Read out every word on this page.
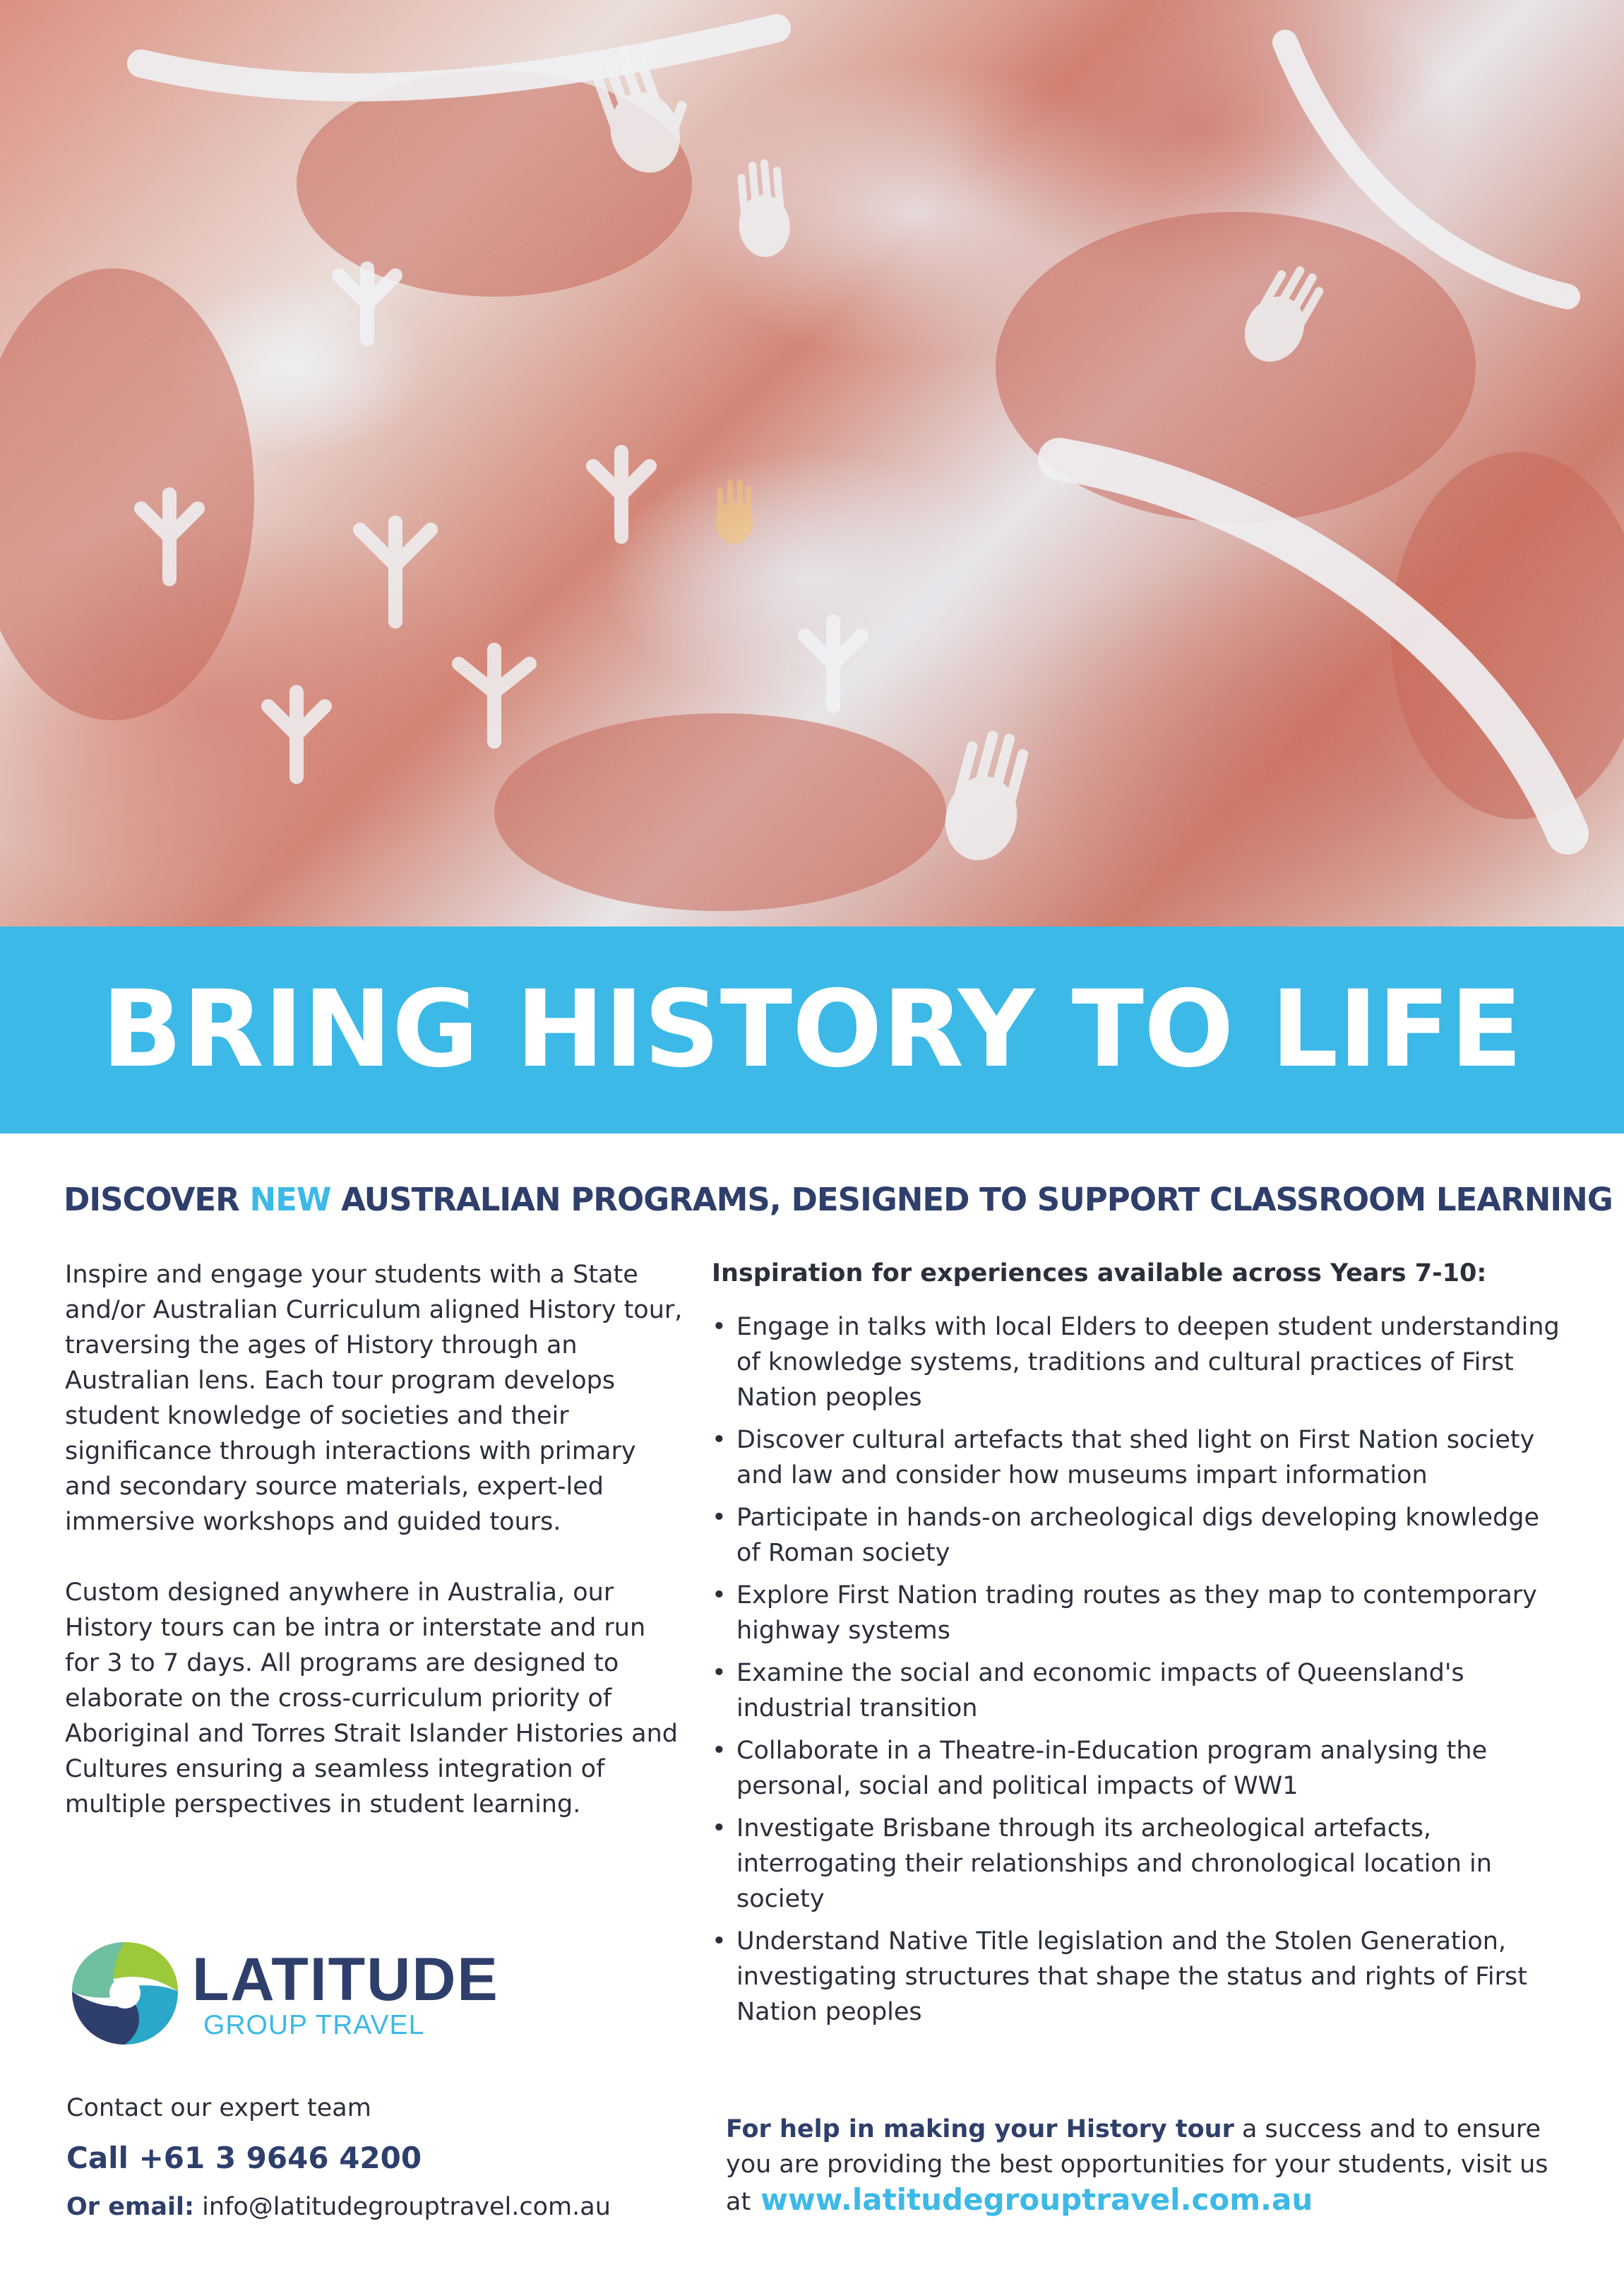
BRING HISTORY TO LIFE
DISCOVER NEW AUSTRALIAN PROGRAMS, DESIGNED TO SUPPORT CLASSROOM LEARNING

Inspire and engage your students with a State and/or Australian Curriculum aligned History tour, traversing the ages of History through an Australian lens. Each tour program develops student knowledge of societies and their significance through interactions with primary and secondary source materials, expert-led immersive workshops and guided tours.

Custom designed anywhere in Australia, our History tours can be intra or interstate and run for 3 to 7 days. All programs are designed to elaborate on the cross-curriculum priority of Aboriginal and Torres Strait Islander Histories and Cultures ensuring a seamless integration of multiple perspectives in student learning.

Inspiration for experiences available across Years 7-10:
• Engage in talks with local Elders to deepen student understanding of knowledge systems, traditions and cultural practices of First Nation peoples
• Discover cultural artefacts that shed light on First Nation society and law and consider how museums impart information
• Participate in hands-on archeological digs developing knowledge of Roman society
• Explore First Nation trading routes as they map to contemporary highway systems
• Examine the social and economic impacts of Queensland's industrial transition
• Collaborate in a Theatre-in-Education program analysing the personal, social and political impacts of WW1
• Investigate Brisbane through its archeological artefacts, interrogating their relationships and chronological location in society
• Understand Native Title legislation and the Stolen Generation, investigating structures that shape the status and rights of First Nation peoples
LATITUDE
GROUP TRAVEL
Contact our expert team
Call +61 3 9646 4200
Or email: info@latitudegrouptravel.com.au
For help in making your History tour a success and to ensure you are providing the best opportunities for your students, visit us at www.latitudegrouptravel.com.au
